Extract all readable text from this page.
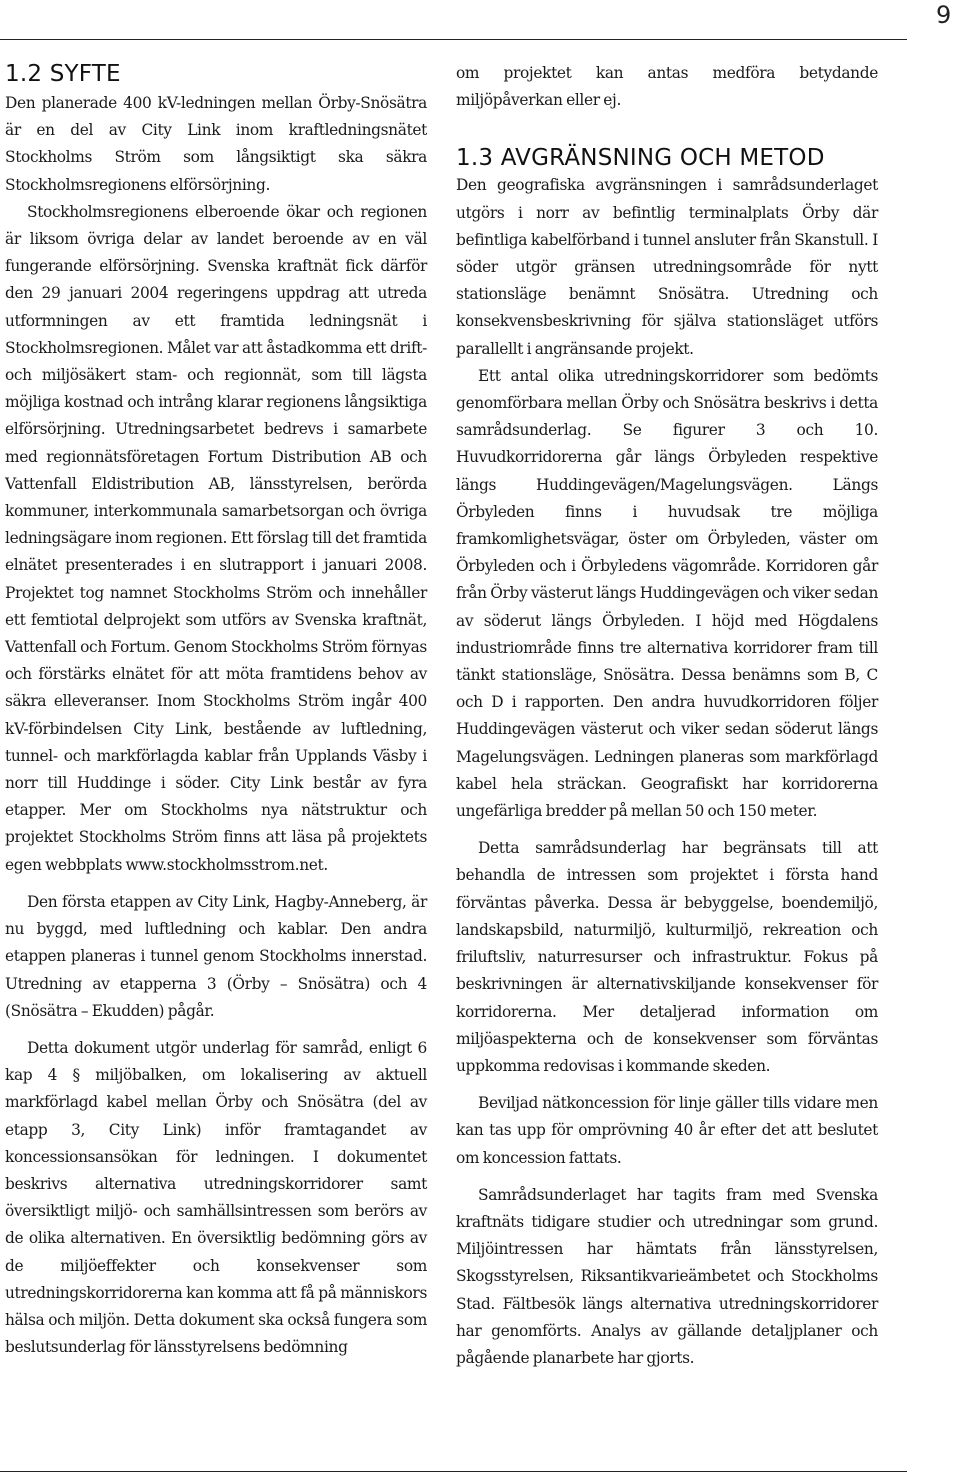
9
1.2 SYFTE

Den planerade 400 kV-ledningen mellan Örby-Snösätra är en del av City Link inom kraftledningsnätet Stockholms Ström som långsiktigt ska säkra Stockholmsregionens elförsörjning.

Stockholmsregionens elberoende ökar och regionen är liksom övriga delar av landet beroende av en väl fungerande elförsörjning. Svenska kraftnät fick därför den 29 januari 2004 regeringens uppdrag att utreda utformningen av ett framtida ledningsnät i Stockholmsregionen. Målet var att åstadkomma ett drift- och miljösäkert stam- och regionnät, som till lägsta möjliga kostnad och intrång klarar regionens långsiktiga elförsörjning. Utredningsarbetet bedrevs i samarbete med regionnätsföretagen Fortum Distribution AB och Vattenfall Eldistribution AB, länsstyrelsen, berörda kommuner, interkommunala samarbetsorgan och övriga ledningsägare inom regionen. Ett förslag till det framtida elnätet presenterades i en slutrapport i januari 2008. Projektet tog namnet Stockholms Ström och innehåller ett femtiotal delprojekt som utförs av Svenska kraftnät, Vattenfall och Fortum. Genom Stockholms Ström förnyas och förstärks elnätet för att möta framtidens behov av säkra elleveranser. Inom Stockholms Ström ingår 400 kV-förbindelsen City Link, bestående av luftledning, tunnel- och markförlagda kablar från Upplands Väsby i norr till Huddinge i söder. City Link består av fyra etapper. Mer om Stockholms nya nätstruktur och projektet Stockholms Ström finns att läsa på projektets egen webbplats www.stockholmsstrom.net.

Den första etappen av City Link, Hagby-Anneberg, är nu byggd, med luftledning och kablar. Den andra etappen planeras i tunnel genom Stockholms innerstad. Utredning av etapperna 3 (Örby – Snösätra) och 4 (Snösätra – Ekudden) pågår.

Detta dokument utgör underlag för samråd, enligt 6 kap 4 § miljöbalken, om lokalisering av aktuell markförlagd kabel mellan Örby och Snösätra (del av etapp 3, City Link) inför framtagandet av koncessionsansökan för ledningen. I dokumentet beskrivs alternativa utredningskorridorer samt översiktligt miljö- och samhällsintressen som berörs av de olika alternativen. En översiktlig bedömning görs av de miljöeffekter och konsekvenser som utredningskorridorerna kan komma att få på människors hälsa och miljön. Detta dokument ska också fungera som beslutsunderlag för länsstyrelsens bedömning

om projektet kan antas medföra betydande miljöpåverkan eller ej.

1.3 AVGRÄNSNING OCH METOD

Den geografiska avgränsningen i samrådsunderlaget utgörs i norr av befintlig terminalplats Örby där befintliga kabelförband i tunnel ansluter från Skanstull. I söder utgör gränsen utredningsområde för nytt stationsläge benämnt Snösätra. Utredning och konsekvensbeskrivning för själva stationsläget utförs parallellt i angränsande projekt.

Ett antal olika utredningskorridorer som bedömts genomförbara mellan Örby och Snösätra beskrivs i detta samrådsunderlag. Se figurer 3 och 10. Huvudkorridorerna går längs Örbyleden respektive längs Huddingevägen/Magelungsvägen. Längs Örbyleden finns i huvudsak tre möjliga framkomlighetsvägar, öster om Örbyleden, väster om Örbyleden och i Örbyledens vägområde. Korridoren går från Örby västerut längs Huddingevägen och viker sedan av söderut längs Örbyleden. I höjd med Högdalens industriområde finns tre alternativa korridorer fram till tänkt stationsläge, Snösätra. Dessa benämns som B, C och D i rapporten. Den andra huvudkorridoren följer Huddingevägen västerut och viker sedan söderut längs Magelungsvägen. Ledningen planeras som markförlagd kabel hela sträckan. Geografiskt har korridorerna ungefärliga bredder på mellan 50 och 150 meter.

Detta samrådsunderlag har begränsats till att behandla de intressen som projektet i första hand förväntas påverka. Dessa är bebyggelse, boendemiljö, landskapsbild, naturmiljö, kulturmiljö, rekreation och friluftsliv, naturresurser och infrastruktur. Fokus på beskrivningen är alternativskiljande konsekvenser för korridorerna. Mer detaljerad information om miljöaspekterna och de konsekvenser som förväntas uppkomma redovisas i kommande skeden.

Beviljad nätkoncession för linje gäller tills vidare men kan tas upp för omprövning 40 år efter det att beslutet om koncession fattats.

Samrådsunderlaget har tagits fram med Svenska kraftnäts tidigare studier och utredningar som grund. Miljöintressen har hämtats från länsstyrelsen, Skogsstyrelsen, Riksantikvarieämbetet och Stockholms Stad. Fältbesök längs alternativa utredningskorridorer har genomförts. Analys av gällande detaljplaner och pågående planarbete har gjorts.
